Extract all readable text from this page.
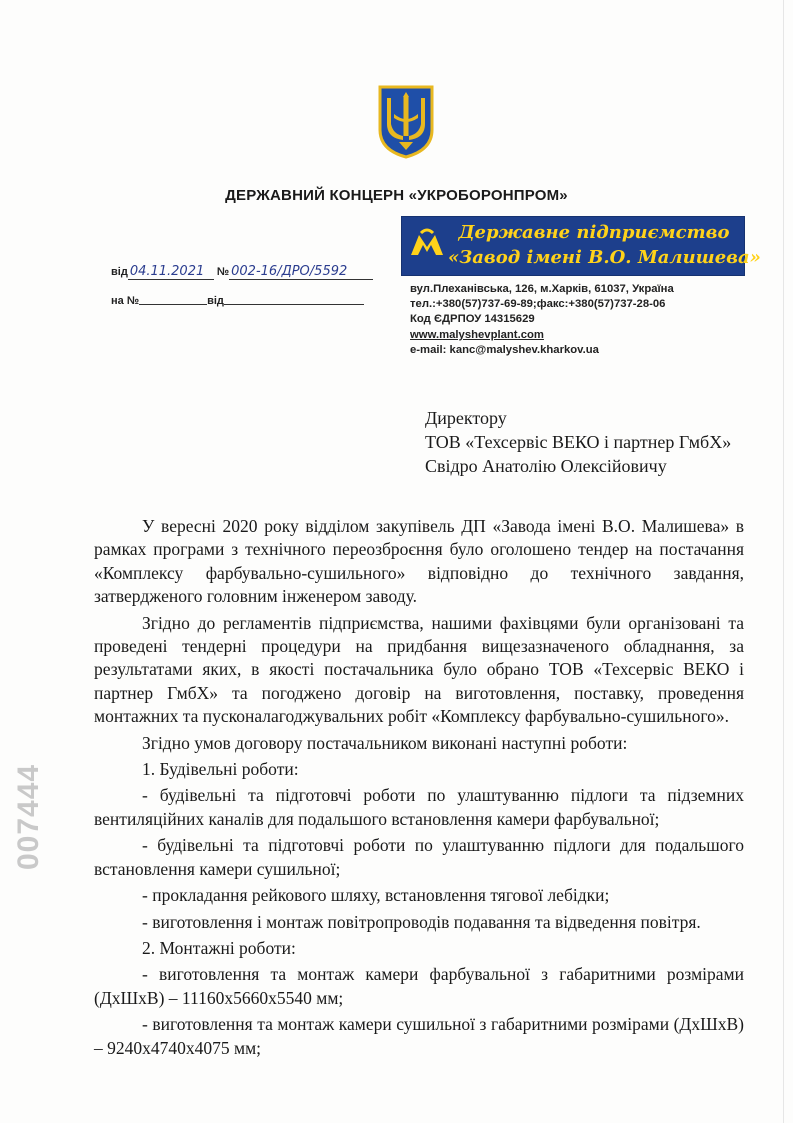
ДЕРЖАВНИЙ КОНЦЕРН «УКРОБОРОНПРОМ»
Державне підприємство
«Завод імені В.О. Малишева»
вул.Плеханівська, 126, м.Харків, 61037, Україна
тел.:+380(57)737-69-89;факс:+380(57)737-28-06
Код ЄДРПОУ 14315629
www.malyshevplant.com
e-mail: kanc@malyshev.kharkov.ua
від 04.11.2021 № 002-16/ДРО/5592
на №	від
Директору
ТОВ «Техсервіс ВЕКО і партнер ГмбХ»
Свідро Анатолію Олексійовичу

У вересні 2020 року відділом закупівель ДП «Завода імені В.О. Малишева» в рамках програми з технічного переозброєння було оголошено тендер на постачання «Комплексу фарбувально-сушильного» відповідно до технічного завдання, затвердженого головним інженером заводу.

Згідно до регламентів підприємства, нашими фахівцями були організовані та проведені тендерні процедури на придбання вищезазначеного обладнання, за результатами яких, в якості постачальника було обрано ТОВ «Техсервіс ВЕКО і партнер ГмбХ» та погоджено договір на виготовлення, поставку, проведення монтажних та пусконалагоджувальних робіт «Комплексу фарбувально-сушильного».

Згідно умов договору постачальником виконані наступні роботи:

1. Будівельні роботи:

- будівельні та підготовчі роботи по улаштуванню підлоги та підземних вентиляційних каналів для подальшого встановлення камери фарбувальної;

- будівельні та підготовчі роботи по улаштуванню підлоги для подальшого встановлення камери сушильної;

- прокладання рейкового шляху, встановлення тягової лебідки;

- виготовлення і монтаж повітропроводів подавання та відведення повітря.

2. Монтажні роботи:

- виготовлення та монтаж камери фарбувальної з габаритними розмірами (ДхШхВ) – 11160х5660х5540 мм;

- виготовлення та монтаж камери сушильної з габаритними розмірами (ДхШхВ) – 9240х4740х4075 мм;

007444
